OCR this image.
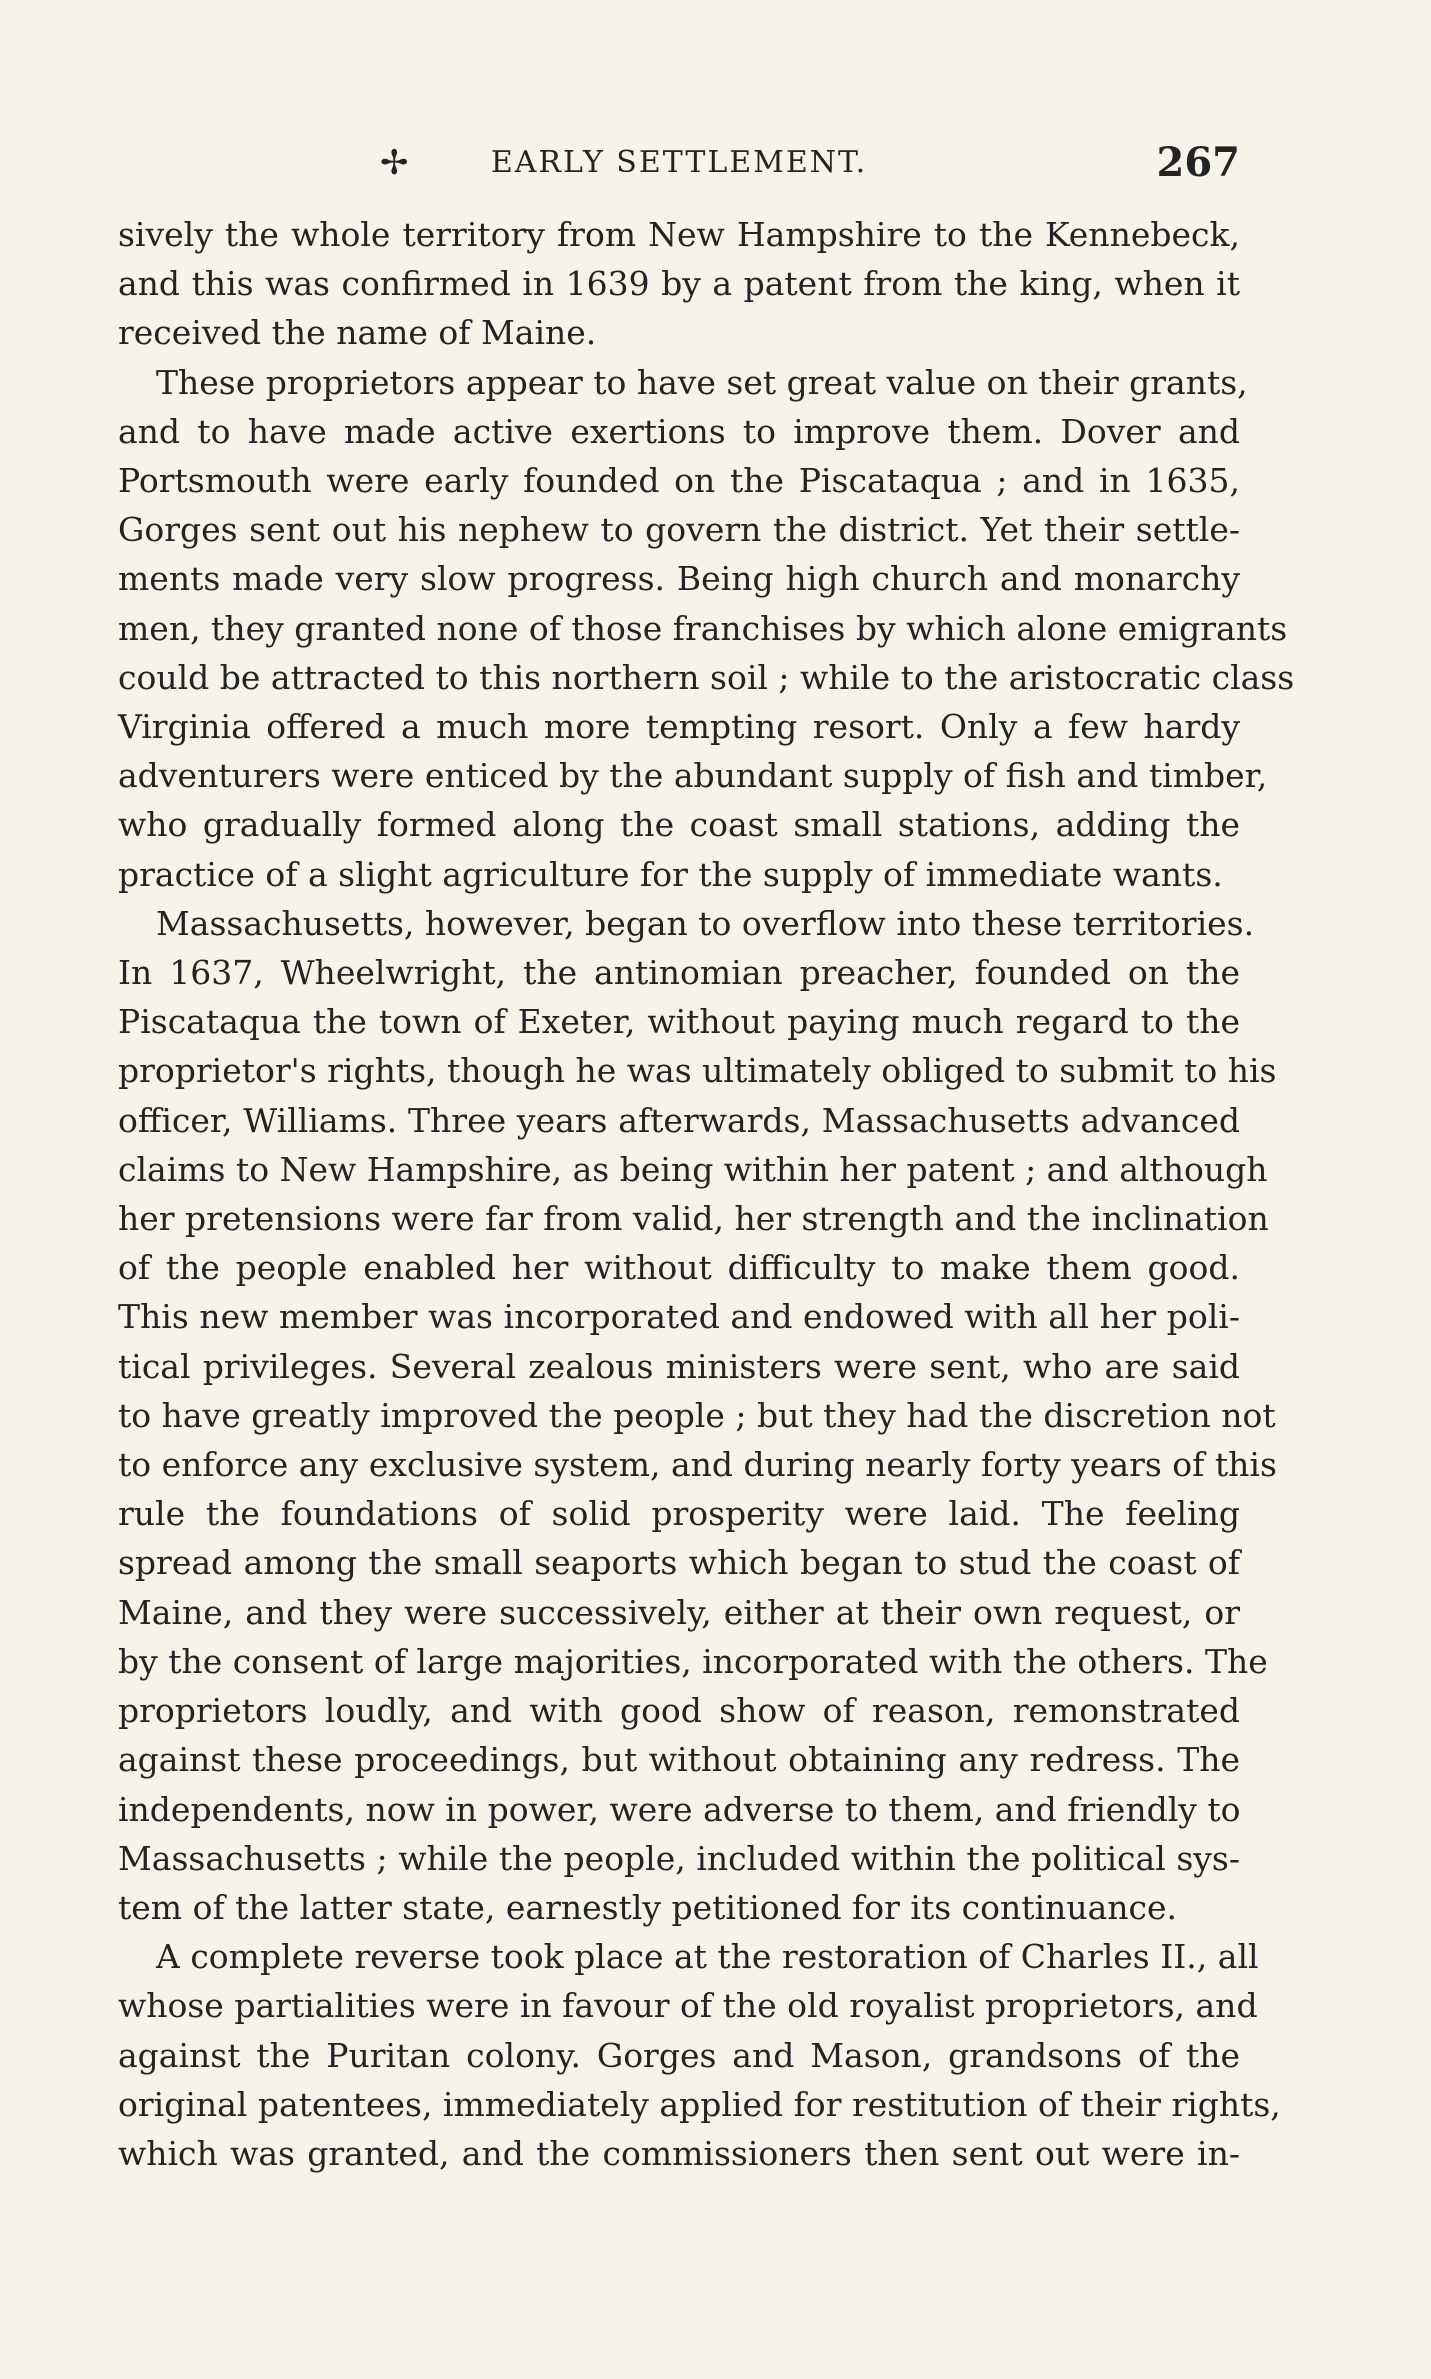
✢	EARLY SETTLEMENT.	267
sively the whole territory from New Hampshire to the Kennebeck,
and this was confirmed in 1639 by a patent from the king, when it
received the name of Maine.
These proprietors appear to have set great value on their grants,
and to have made active exertions to improve them. Dover and
Portsmouth were early founded on the Piscataqua ; and in 1635,
Gorges sent out his nephew to govern the district. Yet their settle-
ments made very slow progress. Being high church and monarchy
men, they granted none of those franchises by which alone emigrants
could be attracted to this northern soil ; while to the aristocratic class
Virginia offered a much more tempting resort. Only a few hardy
adventurers were enticed by the abundant supply of fish and timber,
who gradually formed along the coast small stations, adding the
practice of a slight agriculture for the supply of immediate wants.
Massachusetts, however, began to overflow into these territories.
In 1637, Wheelwright, the antinomian preacher, founded on the
Piscataqua the town of Exeter, without paying much regard to the
proprietor's rights, though he was ultimately obliged to submit to his
officer, Williams. Three years afterwards, Massachusetts advanced
claims to New Hampshire, as being within her patent ; and although
her pretensions were far from valid, her strength and the inclination
of the people enabled her without difficulty to make them good.
This new member was incorporated and endowed with all her poli-
tical privileges. Several zealous ministers were sent, who are said
to have greatly improved the people ; but they had the discretion not
to enforce any exclusive system, and during nearly forty years of this
rule the foundations of solid prosperity were laid. The feeling
spread among the small seaports which began to stud the coast of
Maine, and they were successively, either at their own request, or
by the consent of large majorities, incorporated with the others. The
proprietors loudly, and with good show of reason, remonstrated
against these proceedings, but without obtaining any redress. The
independents, now in power, were adverse to them, and friendly to
Massachusetts ; while the people, included within the political sys-
tem of the latter state, earnestly petitioned for its continuance.
A complete reverse took place at the restoration of Charles II., all
whose partialities were in favour of the old royalist proprietors, and
against the Puritan colony. Gorges and Mason, grandsons of the
original patentees, immediately applied for restitution of their rights,
which was granted, and the commissioners then sent out were in-
